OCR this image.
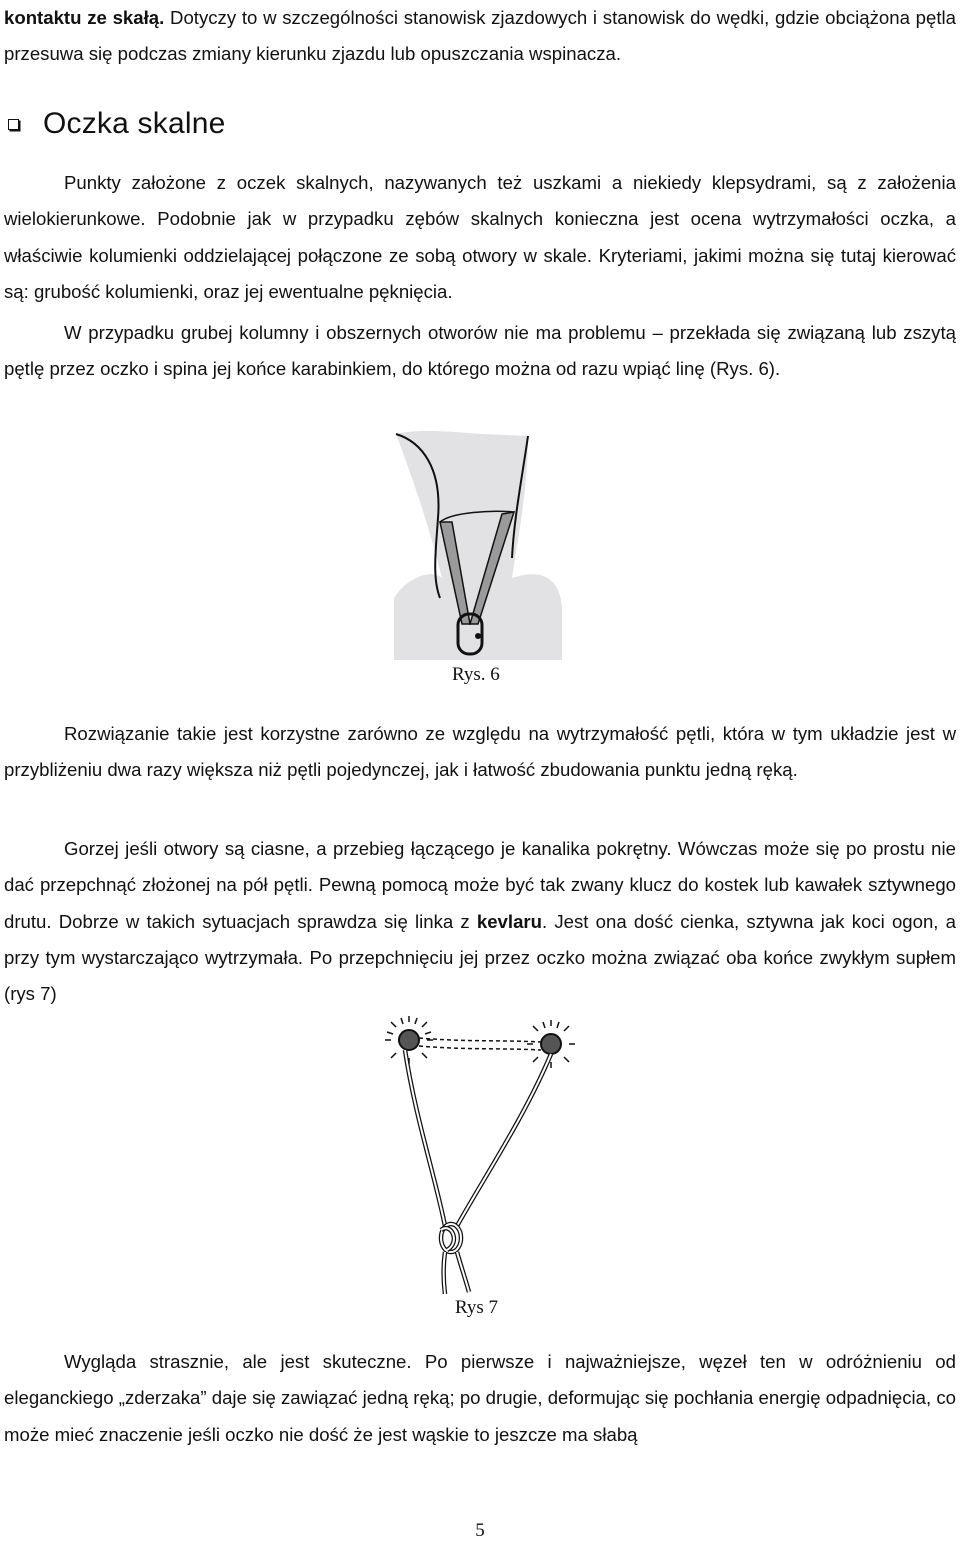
kontaktu ze skałą. Dotyczy to w szczególności stanowisk zjazdowych i stanowisk do wędki, gdzie obciążona pętla przesuwa się podczas zmiany kierunku zjazdu lub opuszczania wspinacza.

Oczka skalne

Punkty założone z oczek skalnych, nazywanych też uszkami a niekiedy klepsydrami, są z założenia wielokierunkowe. Podobnie jak w przypadku zębów skalnych konieczna jest ocena wytrzymałości oczka, a właściwie kolumienki oddzielającej połączone ze sobą otwory w skale. Kryteriami, jakimi można się tutaj kierować są: grubość kolumienki, oraz jej ewentualne pęknięcia.

W przypadku grubej kolumny i obszernych otworów nie ma problemu – przekłada się związaną lub zszytą pętlę przez oczko i spina jej końce karabinkiem, do którego można od razu wpiąć linę (Rys. 6).

Rys. 6

Rozwiązanie takie jest korzystne zarówno ze względu na wytrzymałość pętli, która w tym układzie jest w przybliżeniu dwa razy większa niż pętli pojedynczej, jak i łatwość zbudowania punktu jedną ręką.

Gorzej jeśli otwory są ciasne, a przebieg łączącego je kanalika pokrętny. Wówczas może się po prostu nie dać przepchnąć złożonej na pół pętli. Pewną pomocą może być tak zwany klucz do kostek lub kawałek sztywnego drutu. Dobrze w takich sytuacjach sprawdza się linka z kevlaru. Jest ona dość cienka, sztywna jak koci ogon, a przy tym wystarczająco wytrzymała. Po przepchnięciu jej przez oczko można związać oba końce zwykłym supłem (rys 7)

Rys 7

Wygląda strasznie, ale jest skuteczne. Po pierwsze i najważniejsze, węzeł ten w odróżnieniu od eleganckiego „zderzaka” daje się zawiązać jedną ręką; po drugie, deformując się pochłania energię odpadnięcia, co może mieć znaczenie jeśli oczko nie dość że jest wąskie to jeszcze ma słabą

5
